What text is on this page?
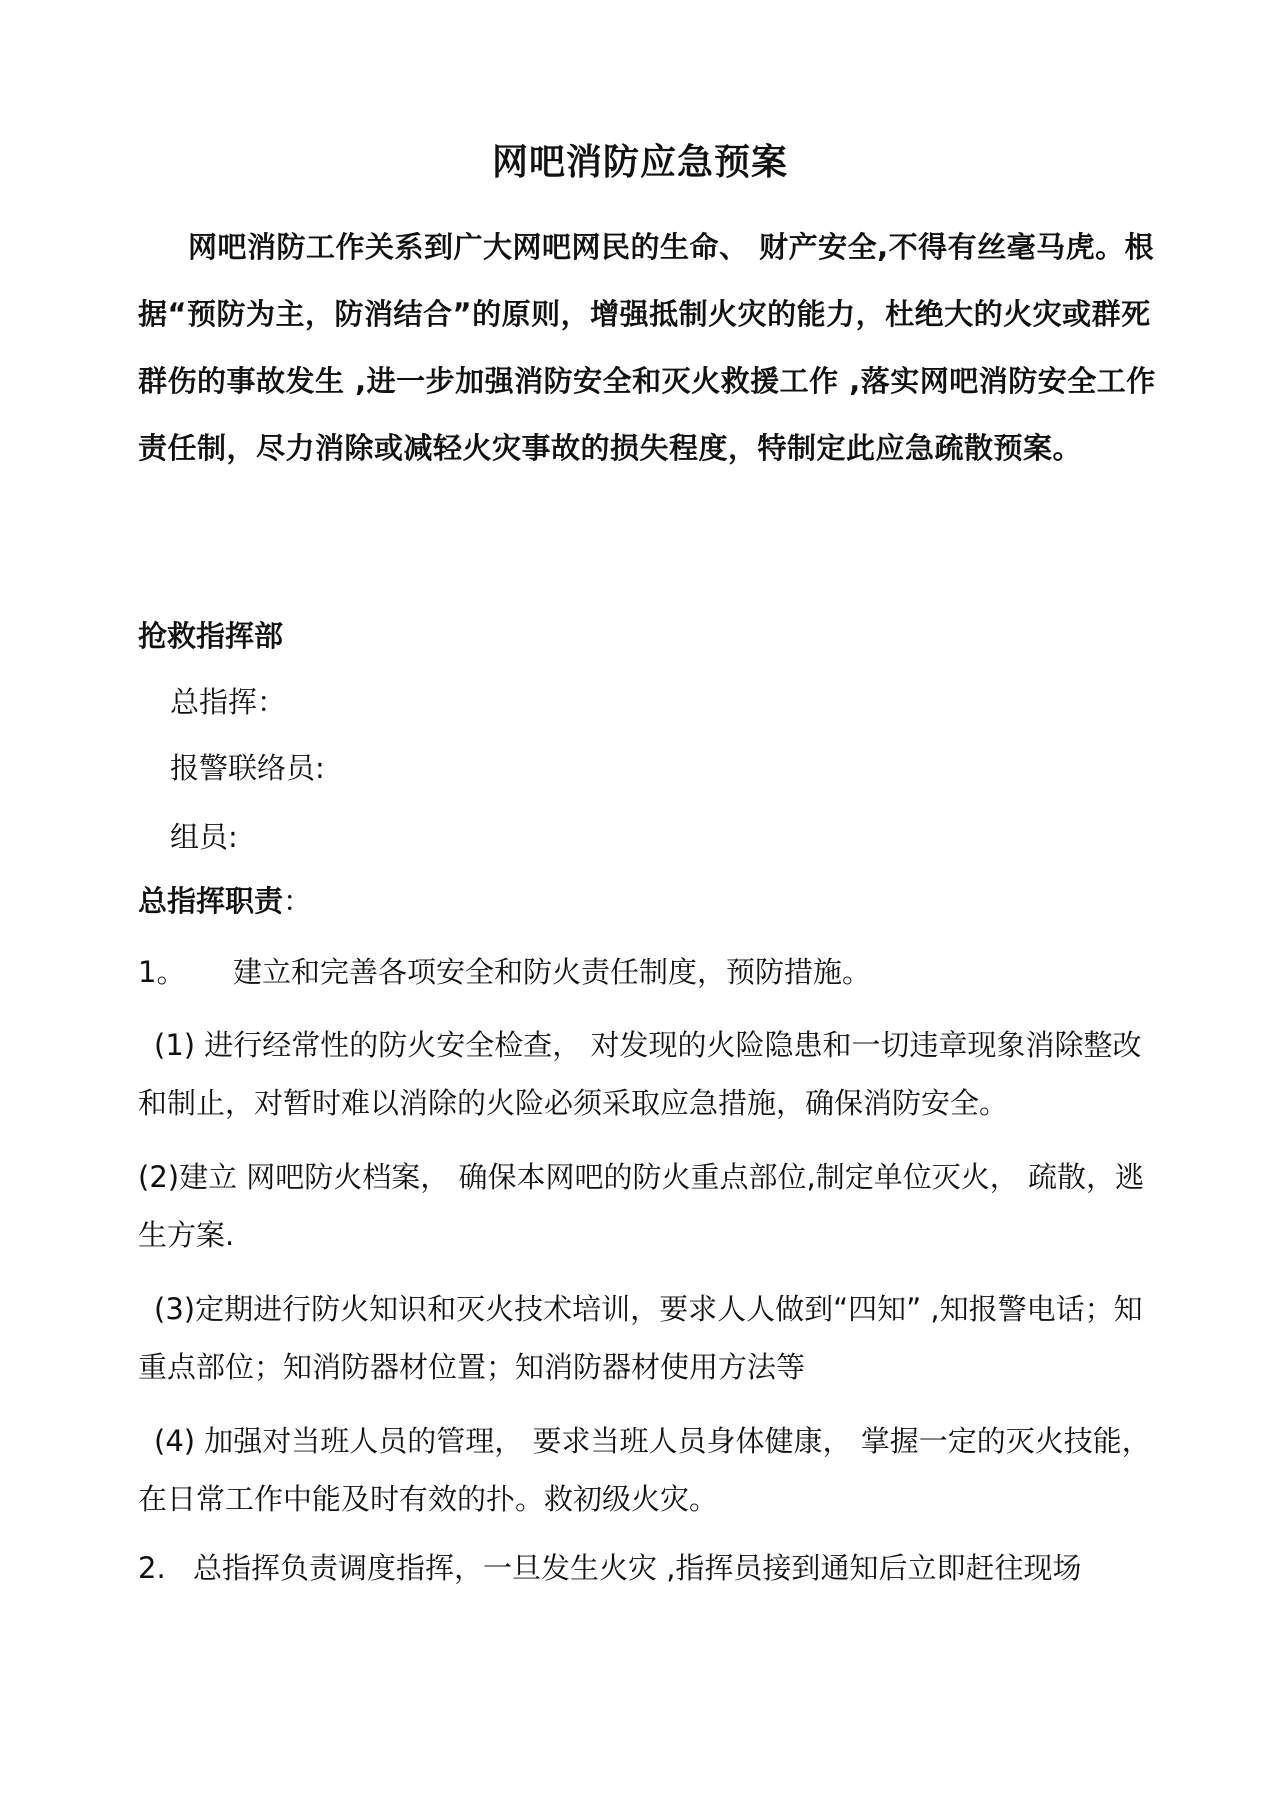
网吧消防应急预案

网吧消防工作关系到广大网吧网民的生命、 财产安全,不得有丝毫马虎。根据“预防为主，防消结合”的原则，增强抵制火灾的能力，杜绝大的火灾或群死群伤的事故发生 ,进一步加强消防安全和灭火救援工作 ,落实网吧消防安全工作责任制，尽力消除或减轻火灾事故的损失程度，特制定此应急疏散预案。

抢救指挥部

总指挥：

报警联络员:

组员:

总指挥职责：

1。 建立和完善各项安全和防火责任制度，预防措施。

(1) 进行经常性的防火安全检查， 对发现的火险隐患和一切违章现象消除整改和制止，对暂时难以消除的火险必须采取应急措施，确保消防安全。

(2)建立 网吧防火档案， 确保本网吧的防火重点部位,制定单位灭火， 疏散，逃生方案.

(3)定期进行防火知识和灭火技术培训，要求人人做到“四知” ,知报警电话；知重点部位；知消防器材位置；知消防器材使用方法等

(4) 加强对当班人员的管理， 要求当班人员身体健康， 掌握一定的灭火技能，在日常工作中能及时有效的扑。救初级火灾。

2. 总指挥负责调度指挥，一旦发生火灾 ,指挥员接到通知后立即赶往现场
